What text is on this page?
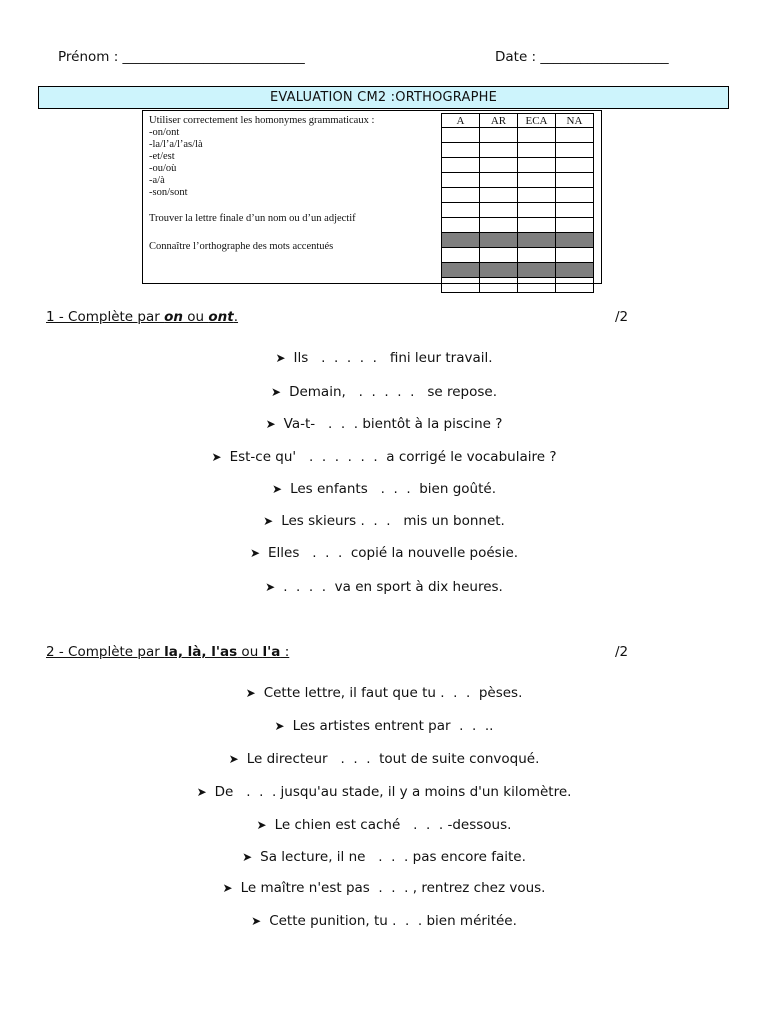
Prénom : ___________________________	Date : ___________________
EVALUATION CM2 :ORTHOGRAPHE
Utiliser correctement les homonymes grammaticaux :
-on/ont
-la/l’a/l’as/là
-et/est
-ou/où
-a/à
-son/sont
Trouver la lettre finale d’un nom ou d’un adjectif
Connaître l’orthographe des mots accentués
A	AR	ECA	NA

1 - Complète par on ou ont.	/2
➤ Ils   .  .  .  .  .   fini leur travail.
➤ Demain,   .  .  .  .  .   se repose.
➤ Va-t-   .  .  . bientôt à la piscine ?
➤ Est-ce qu'   .  .  .  .  .  .  a corrigé le vocabulaire ?
➤ Les enfants   .  .  .  bien goûté.
➤ Les skieurs .  .  .   mis un bonnet.
➤ Elles   .  .  .  copié la nouvelle poésie.
➤ .  .  .  .  va en sport à dix heures.
2 - Complète par la, là, l'as ou l'a :	/2
➤ Cette lettre, il faut que tu .  .  .  pèses.
➤ Les artistes entrent par  .  .  ..
➤ Le directeur   .  .  .  tout de suite convoqué.
➤ De   .  .  . jusqu'au stade, il y a moins d'un kilomètre.
➤ Le chien est caché   .  .  . -dessous.
➤ Sa lecture, il ne   .  .  . pas encore faite.
➤ Le maître n'est pas  .  .  . , rentrez chez vous.
➤ Cette punition, tu .  .  . bien méritée.
